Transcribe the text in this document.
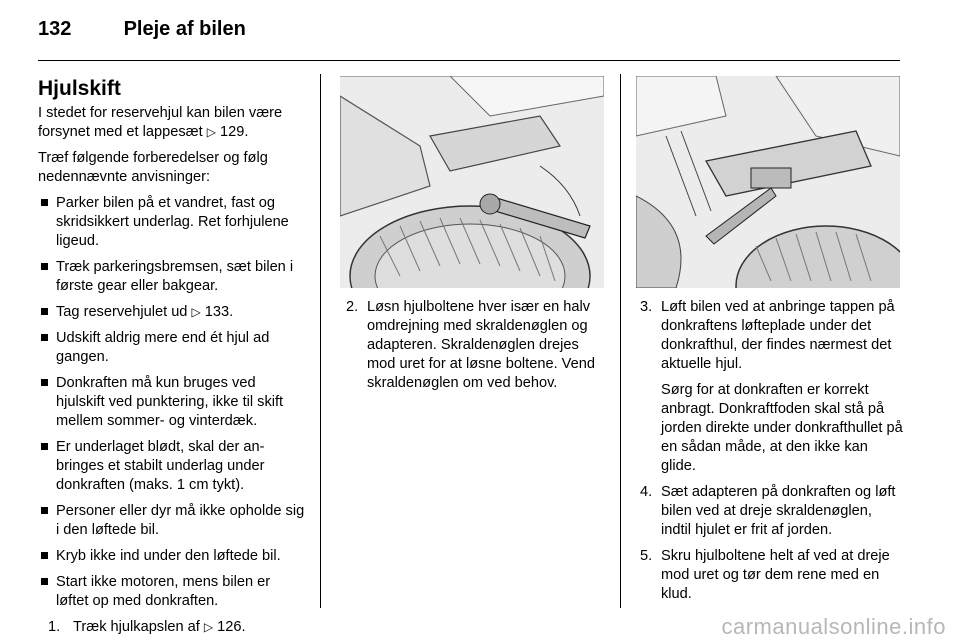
132	Pleje af bilen
Hjulskift

I stedet for reservehjul kan bilen være forsynet med et lappesæt ▷ 129.

Træf følgende forberedelser og følg nedennævnte anvisninger:

Parker bilen på et vandret, fast og skridsikkert underlag. Ret forhjulene ligeud.
Træk parkeringsbremsen, sæt bilen i første gear eller bakgear.
Tag reservehjulet ud ▷ 133.
Udskift aldrig mere end ét hjul ad gangen.
Donkraften må kun bruges ved hjulskift ved punktering, ikke til skift mellem sommer- og vinterdæk.
Er underlaget blødt, skal der anbringes et stabilt underlag under donkraften (maks. 1 cm tykt).
Personer eller dyr må ikke opholde sig i den løftede bil.
Kryb ikke ind under den løftede bil.
Start ikke motoren, mens bilen er løftet op med donkraften.
1. Træk hjulkapslen af ▷ 126.
2. Løsn hjulboltene hver især en halv omdrejning med skraldenøglen og adapteren. Skraldenøglen drejes mod uret for at løsne boltene. Vend skraldenøglen om ved behov.
3. Løft bilen ved at anbringe tappen på donkraftens løfteplade under det donkrafthul, der findes nærmest det aktuelle hjul.

Sørg for at donkraften er korrekt anbragt. Donkraftfoden skal stå på jorden direkte under donkrafthullet på en sådan måde, at den ikke kan glide.

4. Sæt adapteren på donkraften og løft bilen ved at dreje skraldenøglen, indtil hjulet er frit af jorden.
5. Skru hjulboltene helt af ved at dreje mod uret og tør dem rene med en klud.
carmanualsonline.info
